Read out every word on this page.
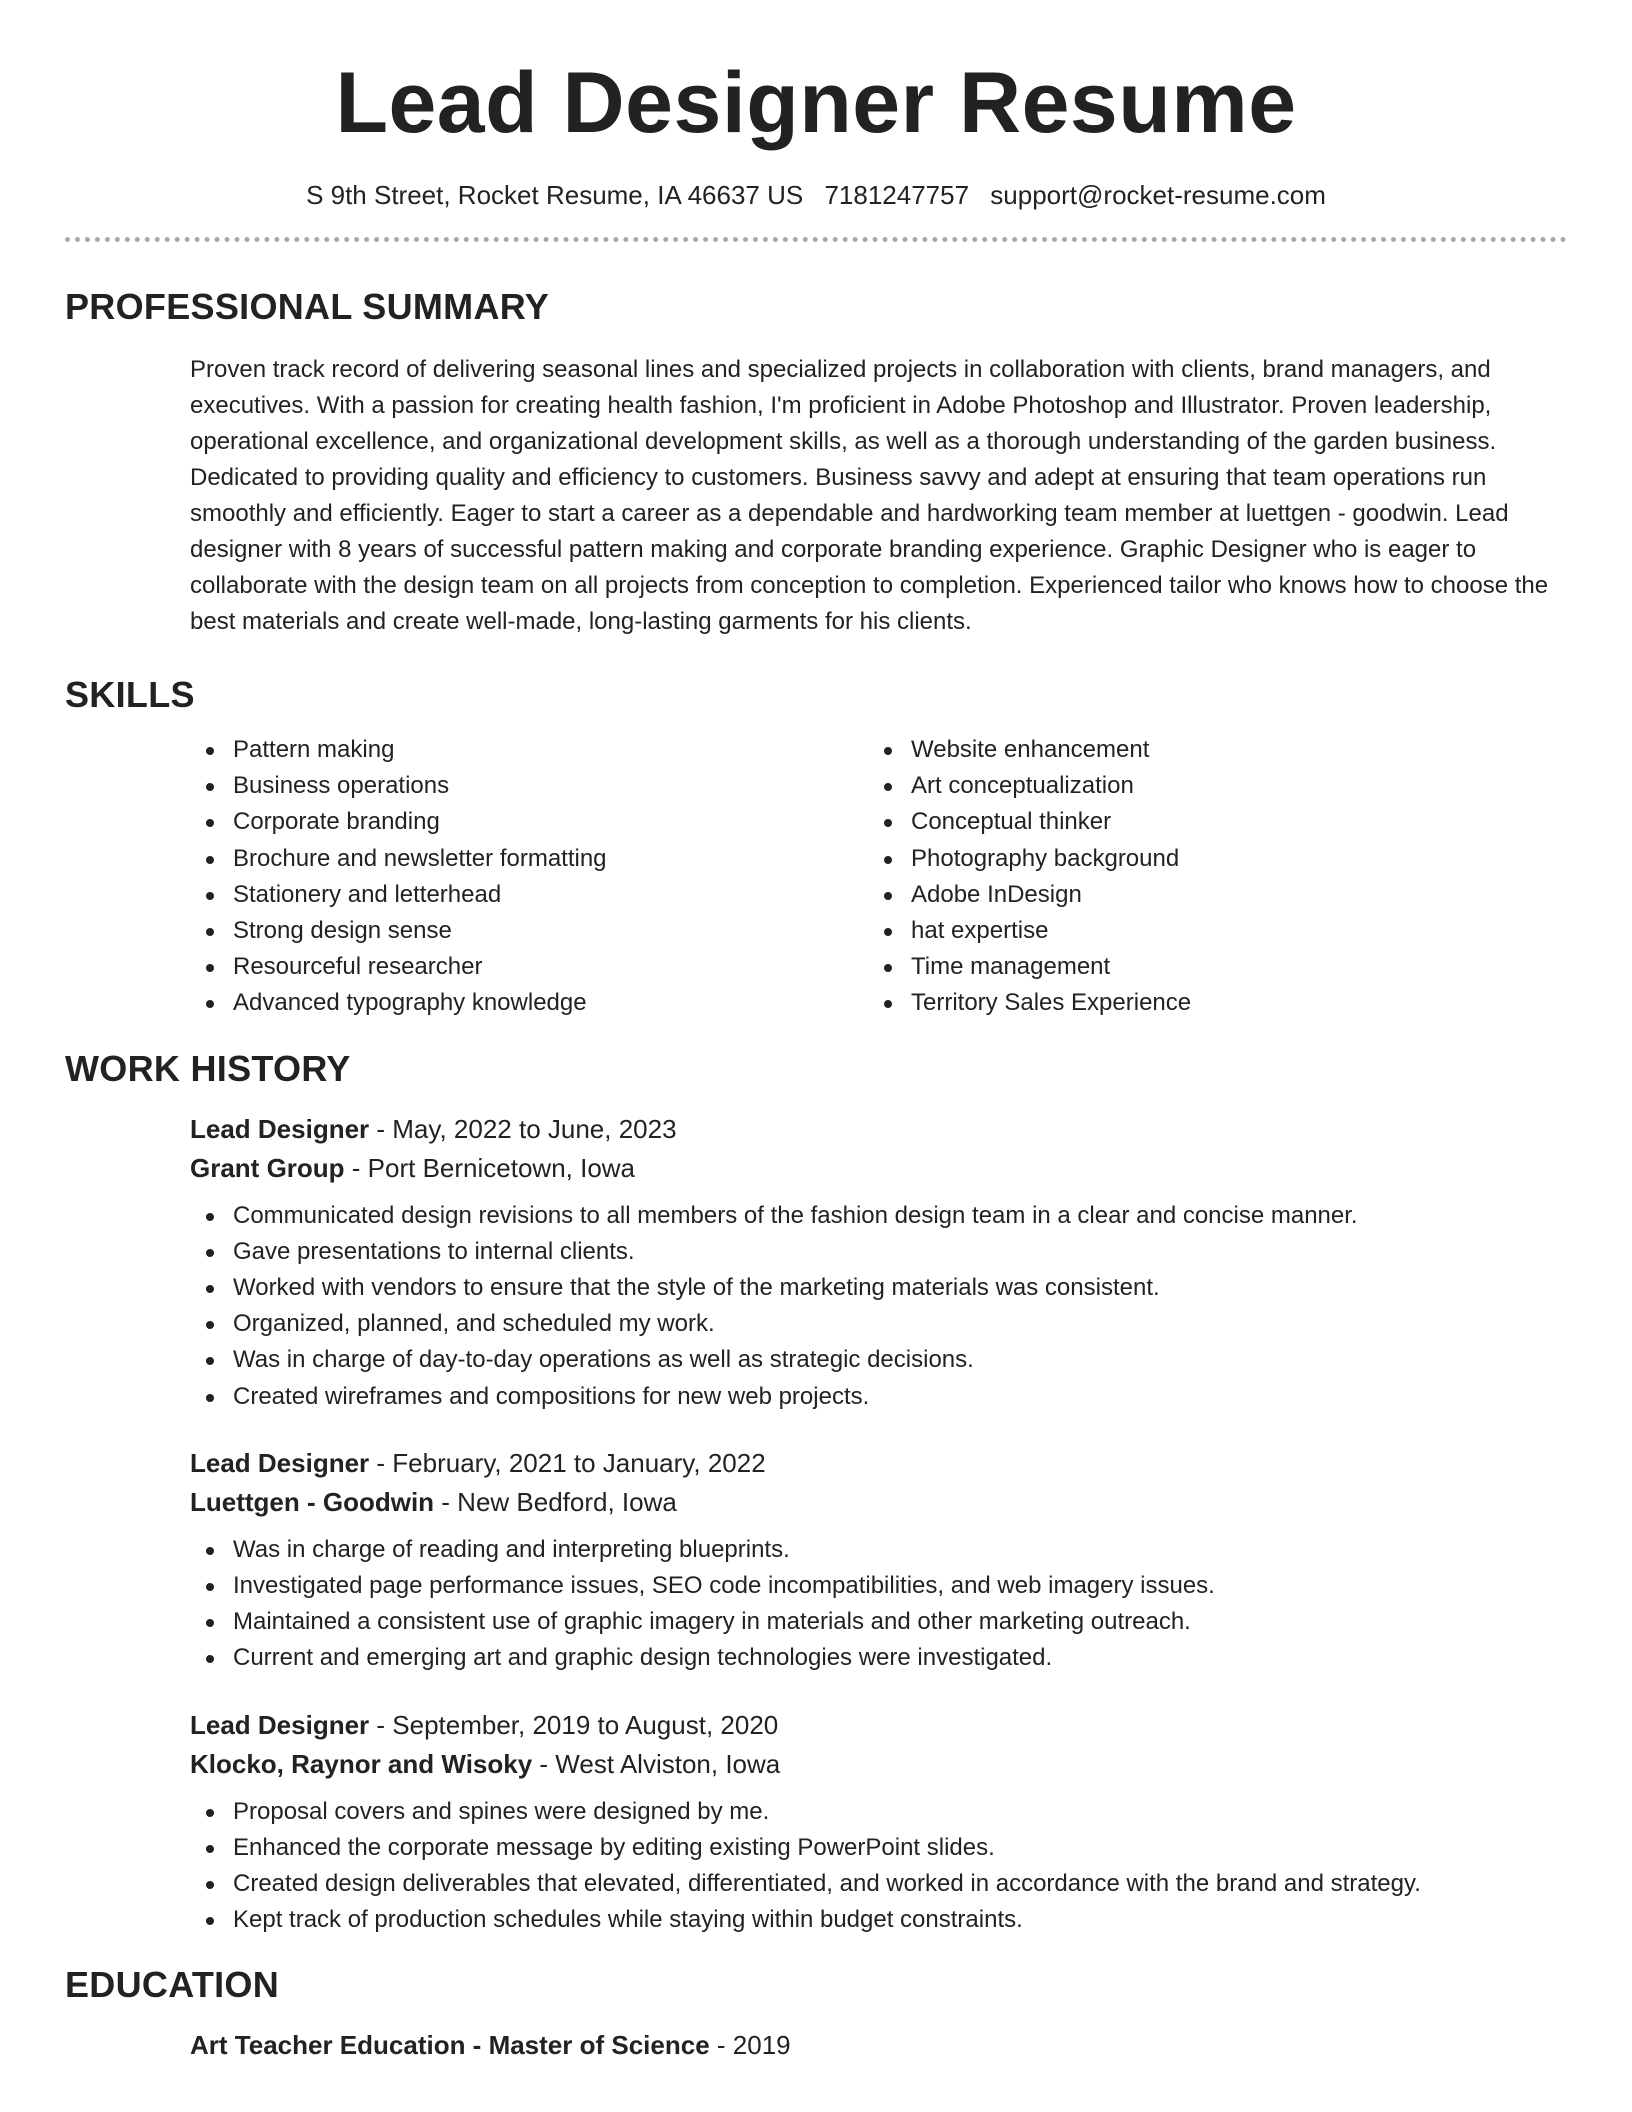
Lead Designer Resume
S 9th Street, Rocket Resume, IA 46637 US 7181247757 support@rocket-resume.com
PROFESSIONAL SUMMARY
Proven track record of delivering seasonal lines and specialized projects in collaboration with clients, brand managers, and executives. With a passion for creating health fashion, I'm proficient in Adobe Photoshop and Illustrator. Proven leadership, operational excellence, and organizational development skills, as well as a thorough understanding of the garden business. Dedicated to providing quality and efficiency to customers. Business savvy and adept at ensuring that team operations run smoothly and efficiently. Eager to start a career as a dependable and hardworking team member at luettgen - goodwin. Lead designer with 8 years of successful pattern making and corporate branding experience. Graphic Designer who is eager to collaborate with the design team on all projects from conception to completion. Experienced tailor who knows how to choose the best materials and create well-made, long-lasting garments for his clients.
SKILLS
Pattern making
Business operations
Corporate branding
Brochure and newsletter formatting
Stationery and letterhead
Strong design sense
Resourceful researcher
Advanced typography knowledge
Website enhancement
Art conceptualization
Conceptual thinker
Photography background
Adobe InDesign
hat expertise
Time management
Territory Sales Experience
WORK HISTORY
Lead Designer - May, 2022 to June, 2023
Grant Group - Port Bernicetown, Iowa
Communicated design revisions to all members of the fashion design team in a clear and concise manner.
Gave presentations to internal clients.
Worked with vendors to ensure that the style of the marketing materials was consistent.
Organized, planned, and scheduled my work.
Was in charge of day-to-day operations as well as strategic decisions.
Created wireframes and compositions for new web projects.
Lead Designer - February, 2021 to January, 2022
Luettgen - Goodwin - New Bedford, Iowa
Was in charge of reading and interpreting blueprints.
Investigated page performance issues, SEO code incompatibilities, and web imagery issues.
Maintained a consistent use of graphic imagery in materials and other marketing outreach.
Current and emerging art and graphic design technologies were investigated.
Lead Designer - September, 2019 to August, 2020
Klocko, Raynor and Wisoky - West Alviston, Iowa
Proposal covers and spines were designed by me.
Enhanced the corporate message by editing existing PowerPoint slides.
Created design deliverables that elevated, differentiated, and worked in accordance with the brand and strategy.
Kept track of production schedules while staying within budget constraints.
EDUCATION
Art Teacher Education - Master of Science - 2019
